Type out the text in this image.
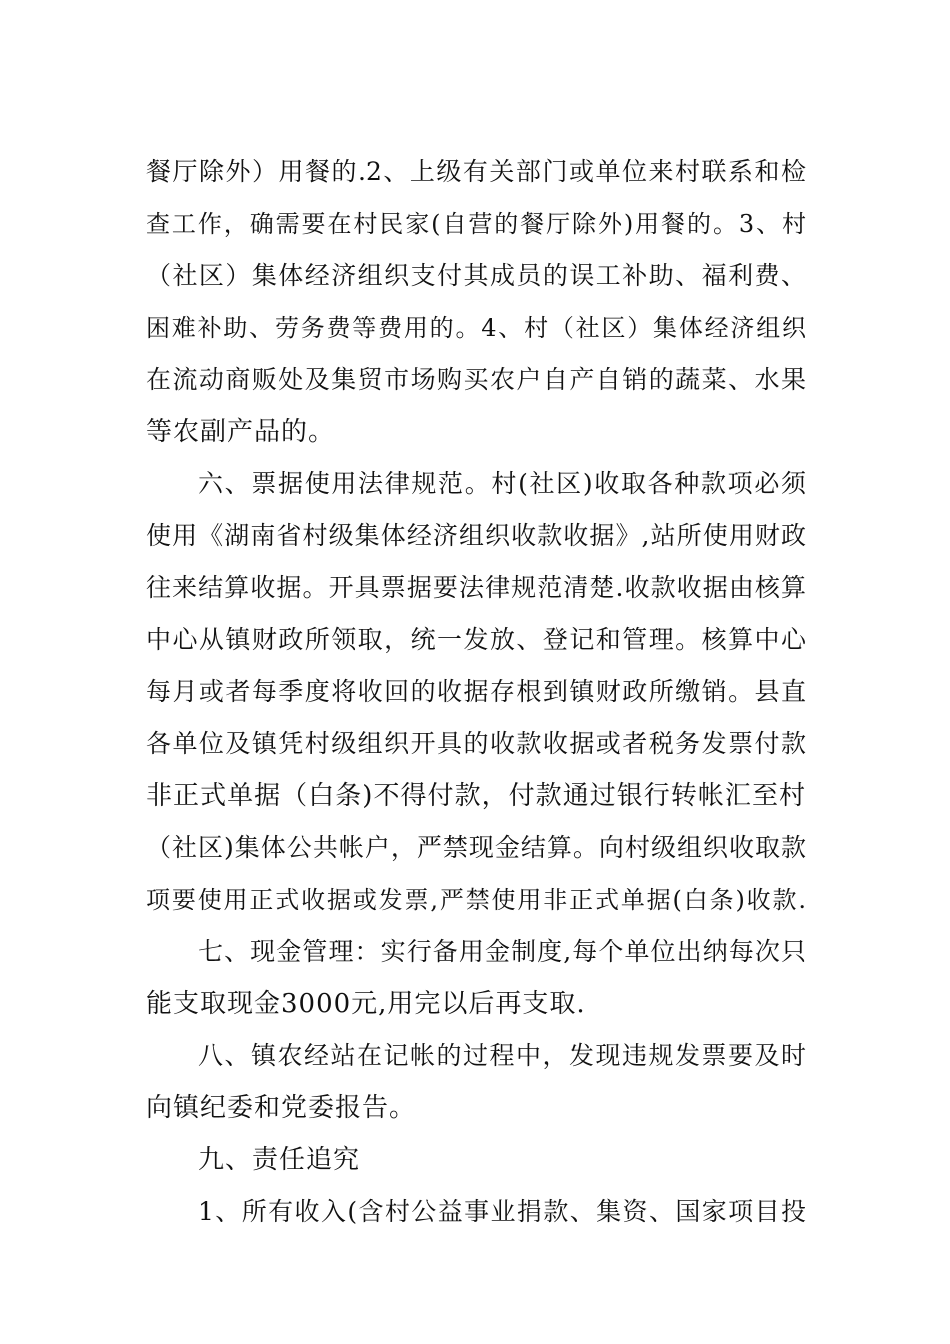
餐厅除外）用餐的.2、上级有关部门或单位来村联系和检
查工作，确需要在村民家(自营的餐厅除外)用餐的。3、村
（社区）集体经济组织支付其成员的误工补助、福利费、
困难补助、劳务费等费用的。4、村（社区）集体经济组织
在流动商贩处及集贸市场购买农户自产自销的蔬菜、水果
等农副产品的。
六、票据使用法律规范。村(社区)收取各种款项必须
使用《湖南省村级集体经济组织收款收据》,站所使用财政
往来结算收据。开具票据要法律规范清楚.收款收据由核算
中心从镇财政所领取，统一发放、登记和管理。核算中心
每月或者每季度将收回的收据存根到镇财政所缴销。县直
各单位及镇凭村级组织开具的收款收据或者税务发票付款
非正式单据（白条)不得付款，付款通过银行转帐汇至村
（社区)集体公共帐户，严禁现金结算。向村级组织收取款
项要使用正式收据或发票,严禁使用非正式单据(白条)收款.
七、现金管理：实行备用金制度,每个单位出纳每次只
能支取现金3000元,用完以后再支取.
八、镇农经站在记帐的过程中，发现违规发票要及时
向镇纪委和党委报告。
九、责任追究
1、所有收入(含村公益事业捐款、集资、国家项目投
